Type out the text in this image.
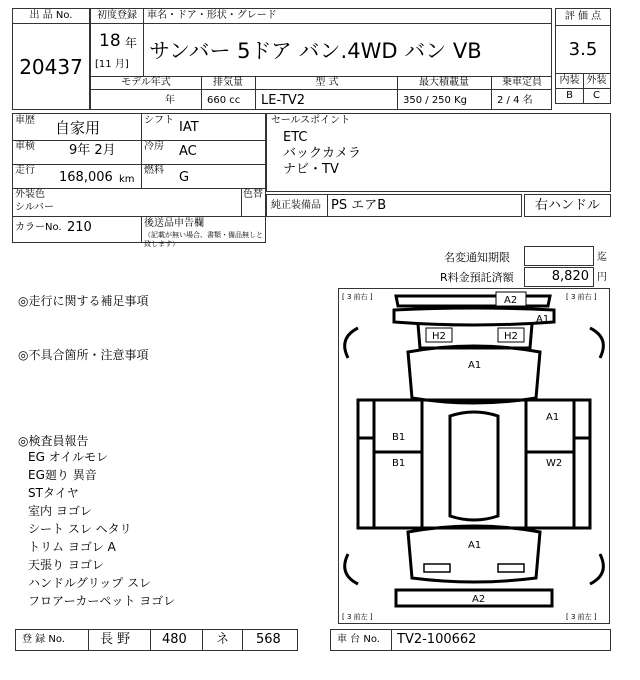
出 品 No.
20437
初度登録	車名・ドア・形状・グレード
18 年
[11 月]
サンバー 5ドア バン.4WD バン VB
モデル年式	排気量	型 式	最大積載量	乗車定員
年	660 cc LE-TV2	350 / 250 Kg	2 / 4 名
評 価 点
3.5
内装 外装
B	C
車歴 自家用	シフト IAT
車検	9年 2月	冷房 AC
走行 168,006 km
燃料 G
外装色
シルバー
色替
カラーNo. 210	後送品申告欄
（記載が無い場合、書類・備品無しと致します）
セールスポイント
ETC
バックカメラ
ナビ・TV
純正装備品 PS エアB	右ハンドル
名変通知期限	迄
R料金預託済額	8,820 円
◎走行に関する補足事項
◎不具合箇所・注意事項
◎検査員報告
EG オイルモレ
EG廻り 異音
STタイヤ
室内 ヨゴレ
シート スレ ヘタリ
トリム ヨゴレ A
天張り ヨゴレ
ハンドルグリップ スレ
フロアーカーペット ヨゴレ
[ 3 前右 ]	[ 3 前右 ]
[ 3 前左 ]	[ 3 前左 ]
A2
A1
H2	H2
A1
A1
B1
B1	W2
A1
A2
登 録 No.	長 野 480 ネ 568	車 台 No. TV2-100662
